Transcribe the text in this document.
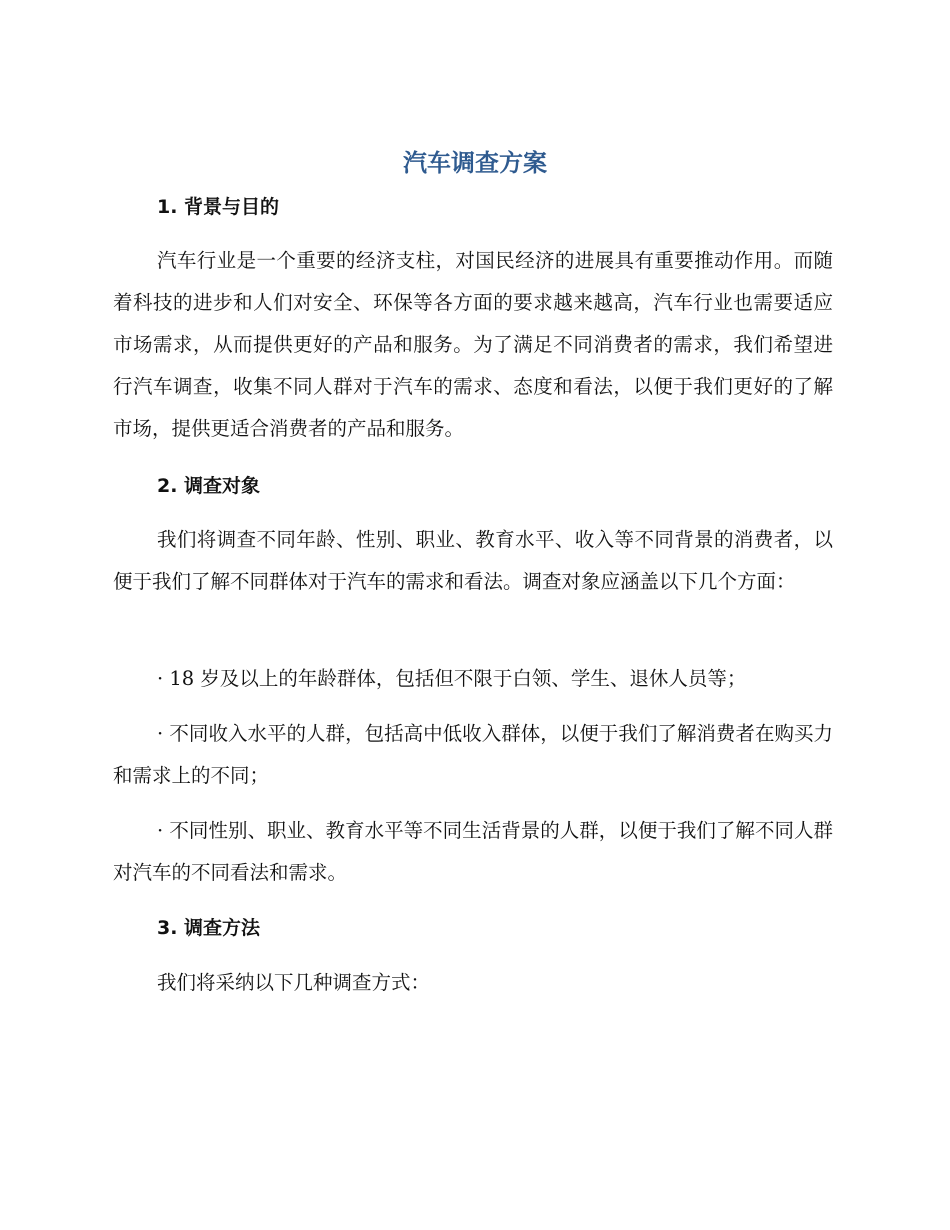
汽车调查方案
1. 背景与目的

汽车行业是一个重要的经济支柱，对国民经济的进展具有重要推动作用。而随着科技的进步和人们对安全、环保等各方面的要求越来越高，汽车行业也需要适应市场需求，从而提供更好的产品和服务。为了满足不同消费者的需求，我们希望进行汽车调查，收集不同人群对于汽车的需求、态度和看法，以便于我们更好的了解市场，提供更适合消费者的产品和服务。

2. 调查对象

我们将调查不同年龄、性别、职业、教育水平、收入等不同背景的消费者，以便于我们了解不同群体对于汽车的需求和看法。调查对象应涵盖以下几个方面：

· 18 岁及以上的年龄群体，包括但不限于白领、学生、退休人员等；

· 不同收入水平的人群，包括高中低收入群体，以便于我们了解消费者在购买力和需求上的不同；

· 不同性别、职业、教育水平等不同生活背景的人群，以便于我们了解不同人群对汽车的不同看法和需求。

3. 调查方法

我们将采纳以下几种调查方式：
